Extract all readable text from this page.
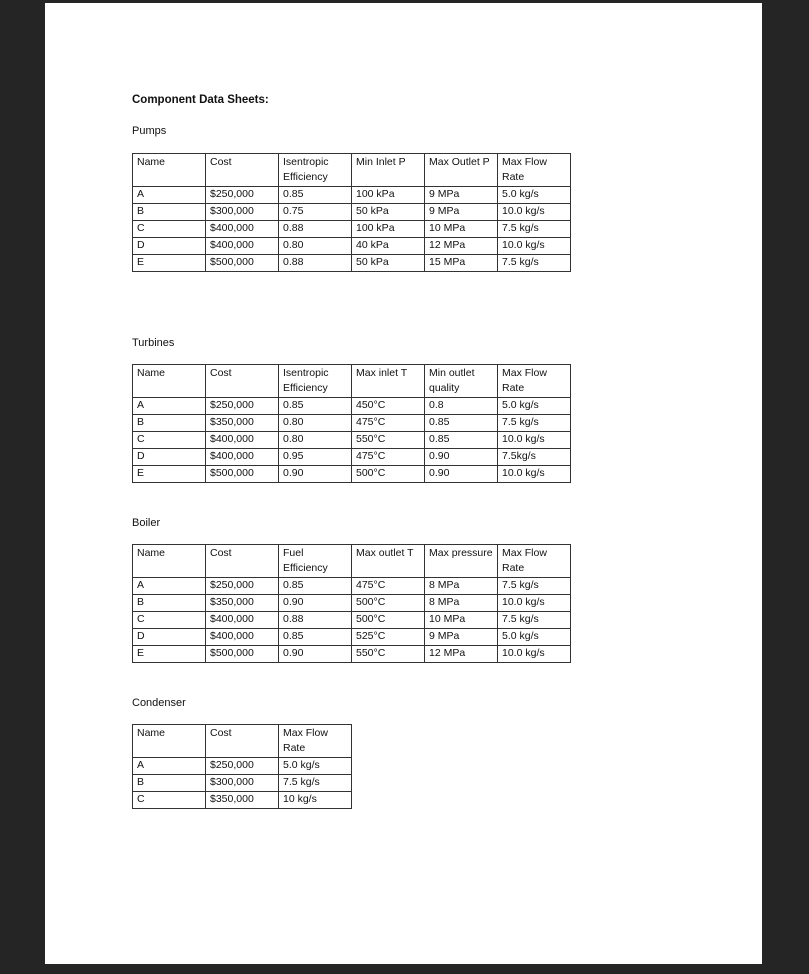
Component Data Sheets:
Pumps
Name	Cost	Isentropic Efficiency	Min Inlet P	Max Outlet P	Max Flow Rate
A	$250,000	0.85	100 kPa	9 MPa	5.0 kg/s
B	$300,000	0.75	50 kPa	9 MPa	10.0 kg/s
C	$400,000	0.88	100 kPa	10 MPa	7.5 kg/s
D	$400,000	0.80	40 kPa	12 MPa	10.0 kg/s
E	$500,000	0.88	50 kPa	15 MPa	7.5 kg/s
Turbines
Name	Cost	Isentropic Efficiency	Max inlet T	Min outlet quality	Max Flow Rate
A	$250,000	0.85	450°C	0.8	5.0 kg/s
B	$350,000	0.80	475°C	0.85	7.5 kg/s
C	$400,000	0.80	550°C	0.85	10.0 kg/s
D	$400,000	0.95	475°C	0.90	7.5kg/s
E	$500,000	0.90	500°C	0.90	10.0 kg/s
Boiler
Name	Cost	Fuel Efficiency	Max outlet T	Max pressure	Max Flow Rate
A	$250,000	0.85	475°C	8 MPa	7.5 kg/s
B	$350,000	0.90	500°C	8 MPa	10.0 kg/s
C	$400,000	0.88	500°C	10 MPa	7.5 kg/s
D	$400,000	0.85	525°C	9 MPa	5.0 kg/s
E	$500,000	0.90	550°C	12 MPa	10.0 kg/s
Condenser
Name	Cost	Max Flow Rate
A	$250,000	5.0 kg/s
B	$300,000	7.5 kg/s
C	$350,000	10 kg/s
